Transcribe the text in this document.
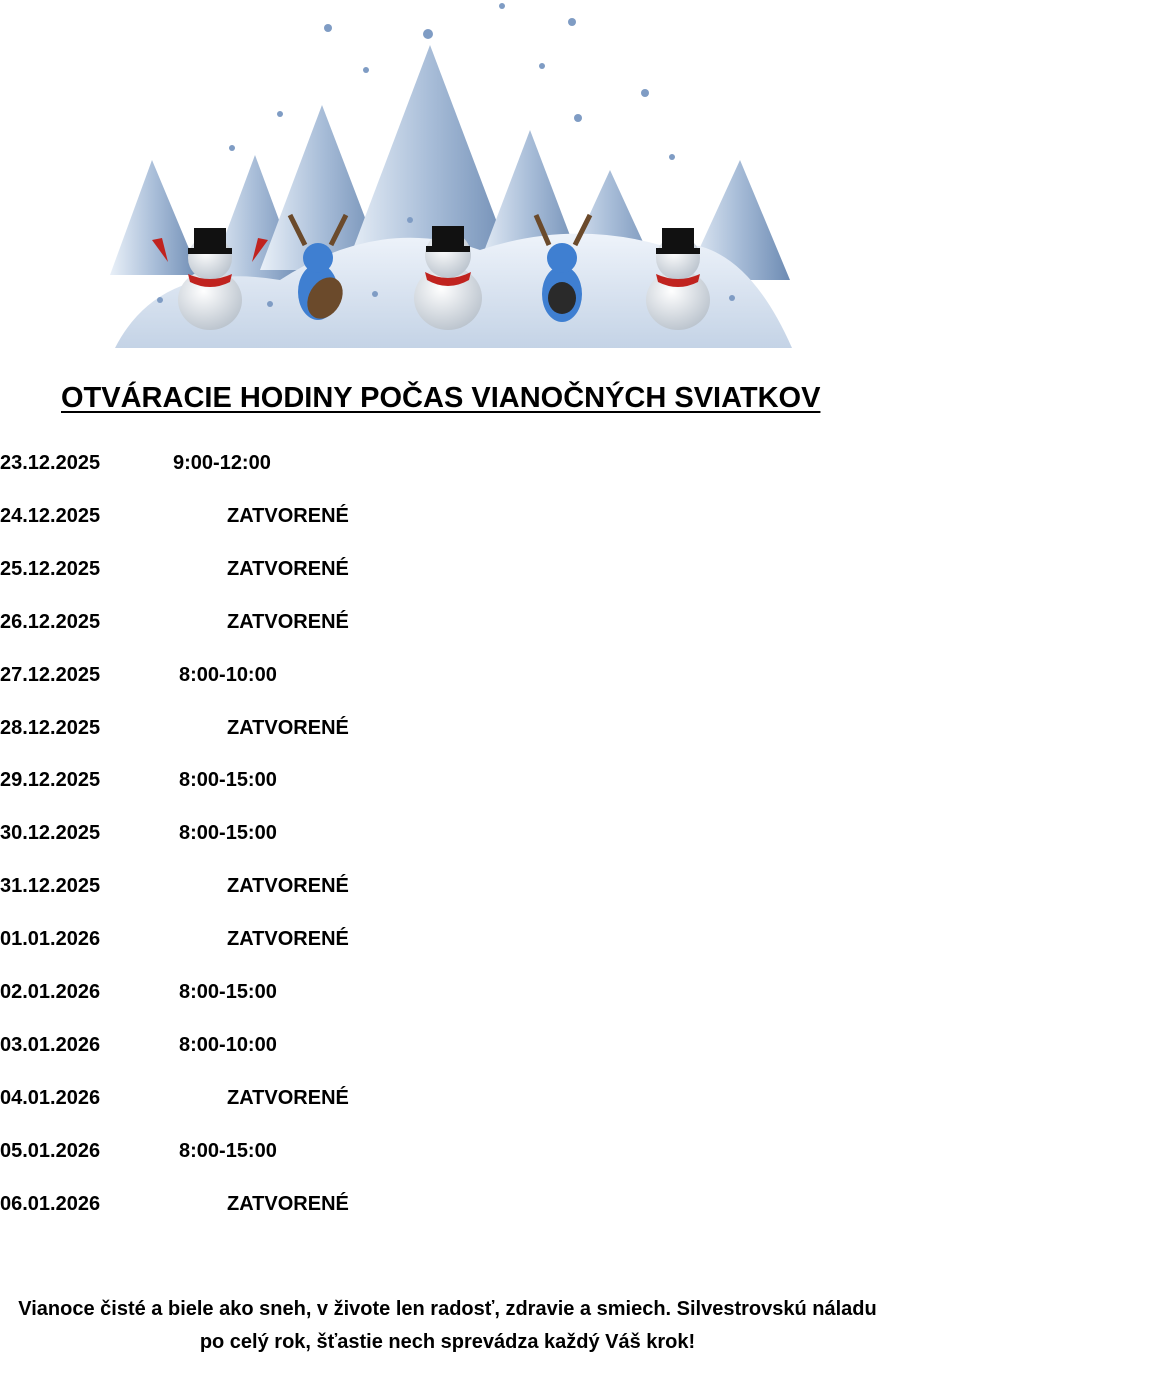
OTVÁRACIE HODINY POČAS VIANOČNÝCH SVIATKOV
23.12.2025	9:00-12:00
24.12.2025	ZATVORENÉ
25.12.2025	ZATVORENÉ
26.12.2025	ZATVORENÉ
27.12.2025	8:00-10:00
28.12.2025	ZATVORENÉ
29.12.2025	8:00-15:00
30.12.2025	8:00-15:00
31.12.2025	ZATVORENÉ
01.01.2026	ZATVORENÉ
02.01.2026	8:00-15:00
03.01.2026	8:00-10:00
04.01.2026	ZATVORENÉ
05.01.2026	8:00-15:00
06.01.2026	ZATVORENÉ
Vianoce čisté a biele ako sneh, v živote len radosť, zdravie a smiech. Silvestrovskú náladu
po celý rok, šťastie nech sprevádza každý Váš krok!
